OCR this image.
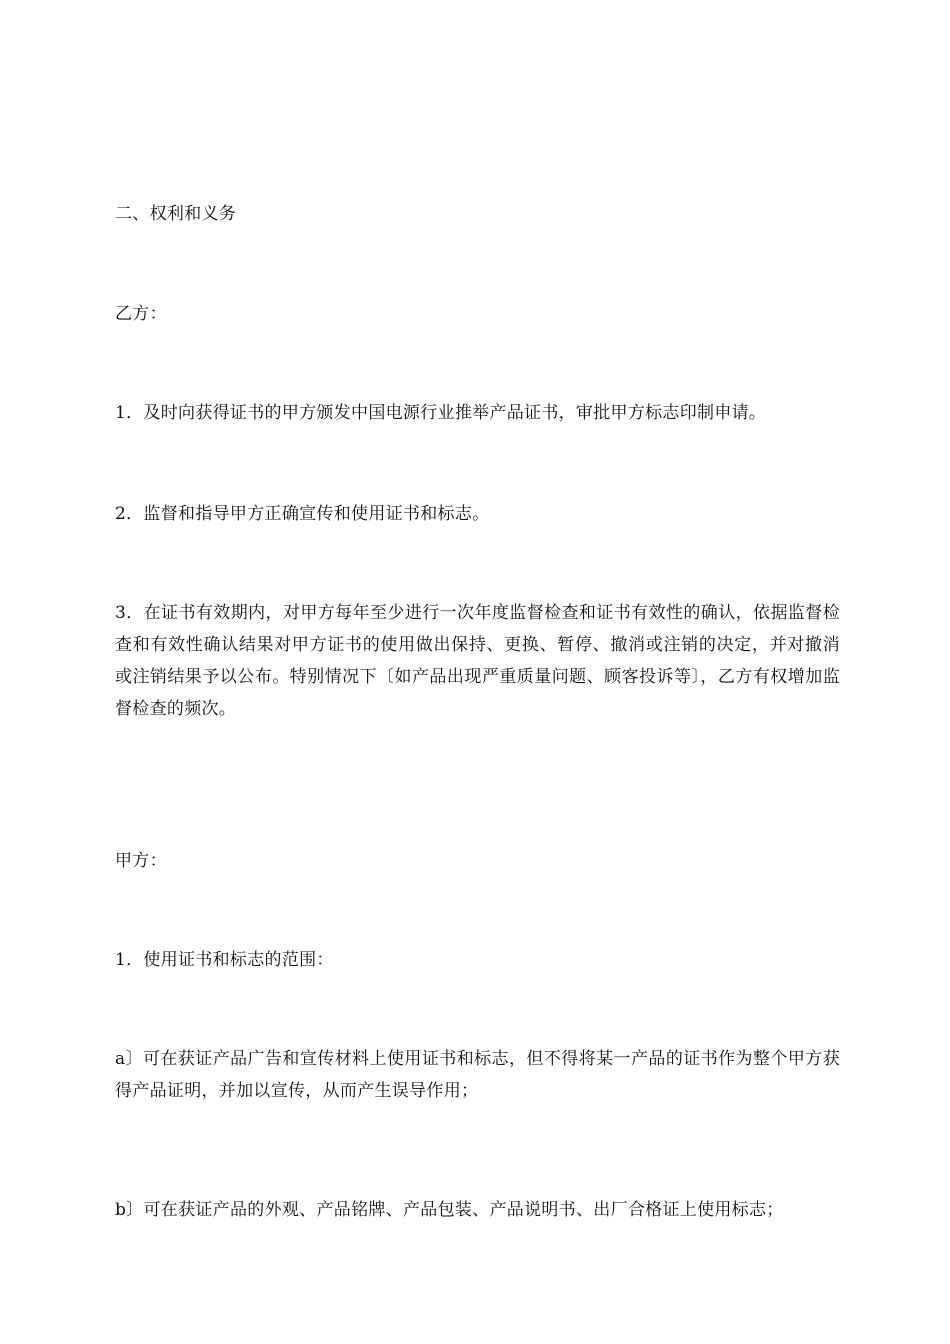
二、权利和义务

乙方：

1．及时向获得证书的甲方颁发中国电源行业推举产品证书，审批甲方标志印制申请。

2．监督和指导甲方正确宣传和使用证书和标志。

3．在证书有效期内，对甲方每年至少进行一次年度监督检查和证书有效性的确认，依据监督检查和有效性确认结果对甲方证书的使用做出保持、更换、暂停、撤消或注销的决定，并对撤消或注销结果予以公布。特别情况下〔如产品出现严重质量问题、顾客投诉等〕，乙方有权增加监督检查的频次。

甲方：

1．使用证书和标志的范围：

a〕可在获证产品广告和宣传材料上使用证书和标志，但不得将某一产品的证书作为整个甲方获得产品证明，并加以宣传，从而产生误导作用；

b〕可在获证产品的外观、产品铭牌、产品包装、产品说明书、出厂合格证上使用标志；
